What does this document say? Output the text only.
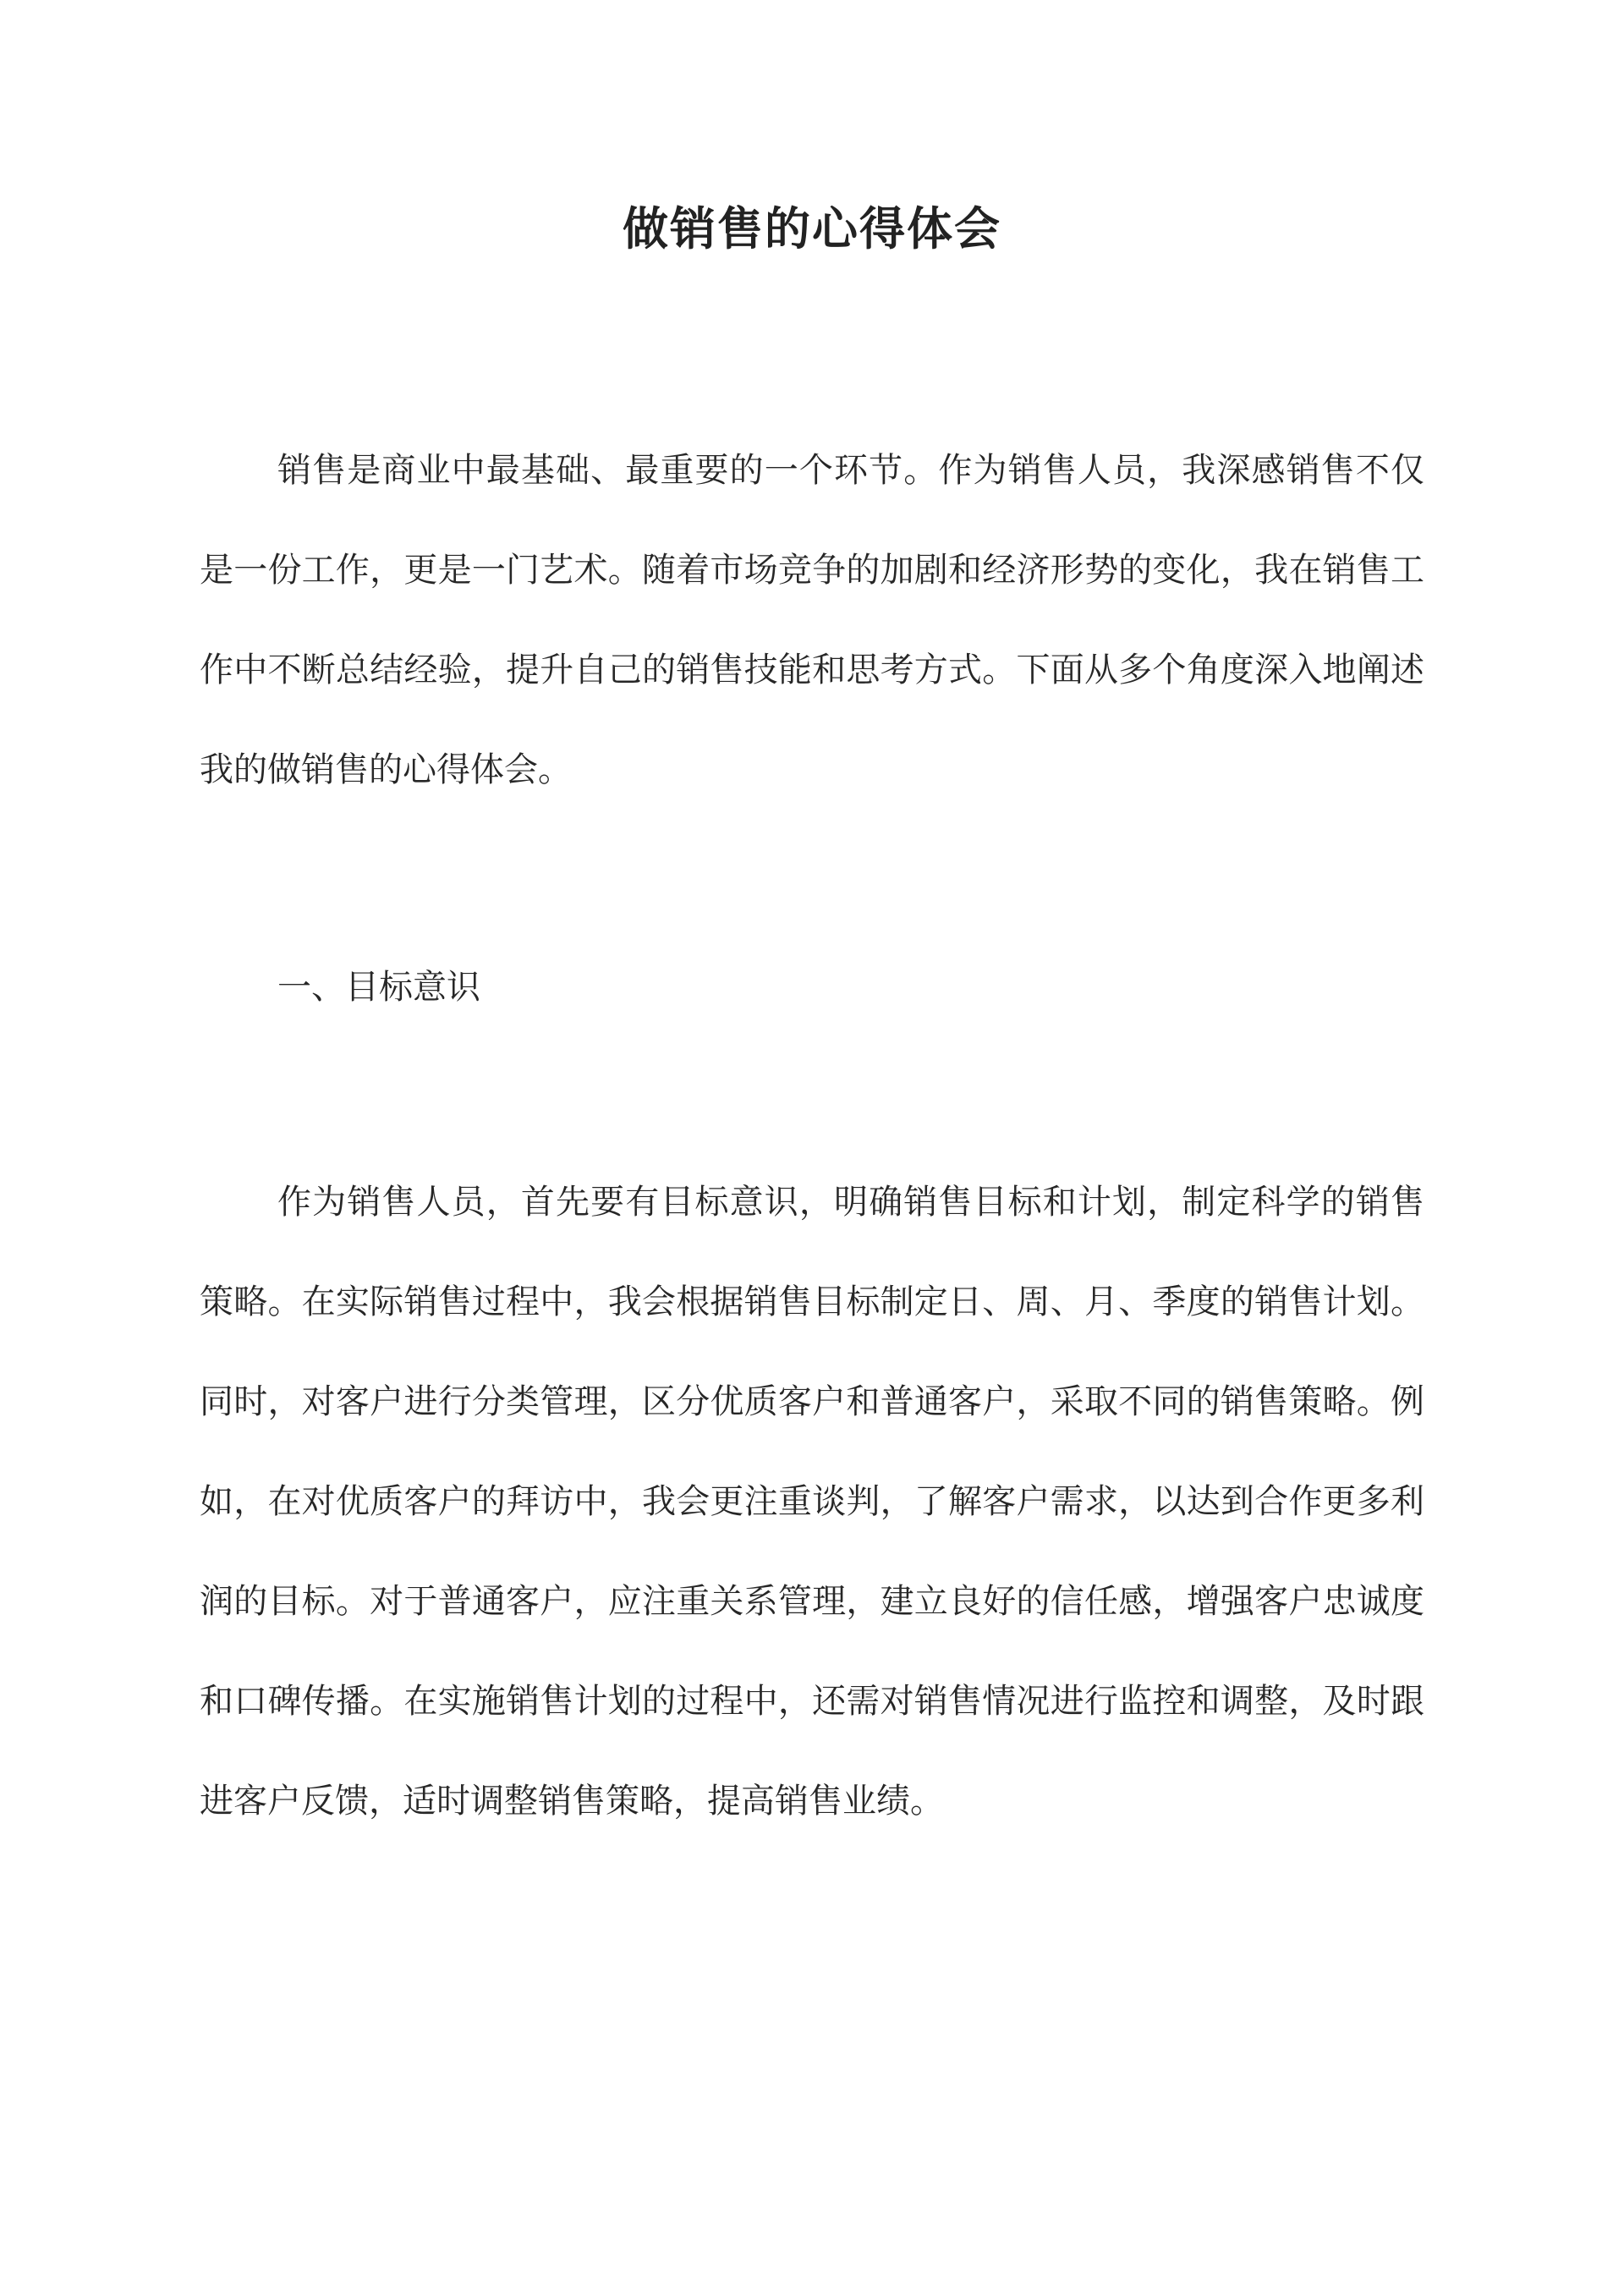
做销售的心得体会

销售是商业中最基础、最重要的一个环节。作为销售人员，我深感销售不仅是一份工作，更是一门艺术。随着市场竞争的加剧和经济形势的变化，我在销售工作中不断总结经验，提升自己的销售技能和思考方式。下面从多个角度深入地阐述我的做销售的心得体会。

一、目标意识

作为销售人员，首先要有目标意识，明确销售目标和计划，制定科学的销售策略。在实际销售过程中，我会根据销售目标制定日、周、月、季度的销售计划。同时，对客户进行分类管理，区分优质客户和普通客户，采取不同的销售策略。例如，在对优质客户的拜访中，我会更注重谈判，了解客户需求，以达到合作更多利润的目标。对于普通客户，应注重关系管理，建立良好的信任感，增强客户忠诚度和口碑传播。在实施销售计划的过程中，还需对销售情况进行监控和调整，及时跟进客户反馈，适时调整销售策略，提高销售业绩。
